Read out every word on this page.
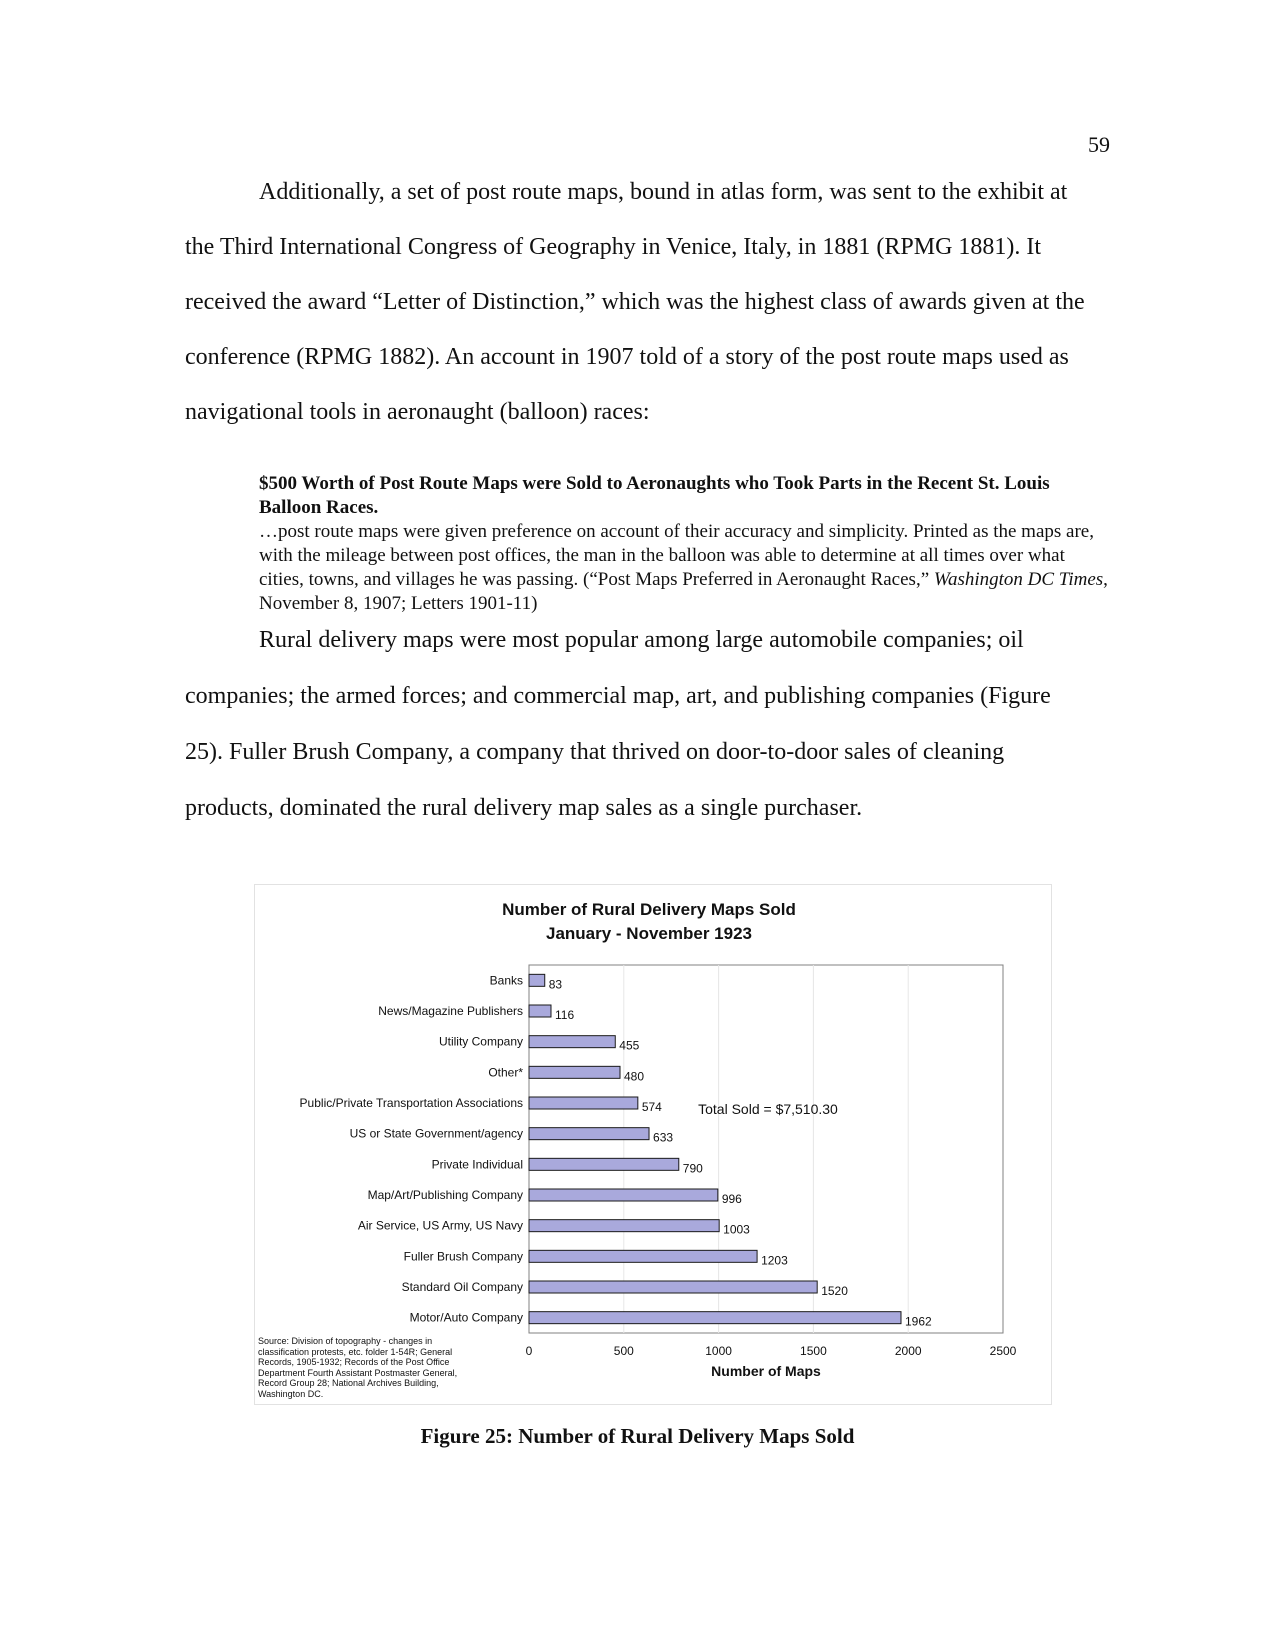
59
Additionally, a set of post route maps, bound in atlas form, was sent to the exhibit at
the Third International Congress of Geography in Venice, Italy, in 1881 (RPMG 1881). It
received the award “Letter of Distinction,” which was the highest class of awards given at the
conference (RPMG 1882). An account in 1907 told of a story of the post route maps used as
navigational tools in aeronaught (balloon) races:
$500 Worth of Post Route Maps were Sold to Aeronaughts who Took Parts in the Recent St. Louis Balloon Races.
…post route maps were given preference on account of their accuracy and simplicity. Printed as the maps are, with the mileage between post offices, the man in the balloon was able to determine at all times over what cities, towns, and villages he was passing. (“Post Maps Preferred in Aeronaught Races,” Washington DC Times, November 8, 1907; Letters 1901-11)
Rural delivery maps were most popular among large automobile companies; oil
companies; the armed forces; and commercial map, art, and publishing companies (Figure
25). Fuller Brush Company, a company that thrived on door-to-door sales of cleaning
products, dominated the rural delivery map sales as a single purchaser.
Number of Rural Delivery Maps Sold
January - November 1923
Banks
News/Magazine Publishers
Utility Company
Other*
Public/Private Transportation Associations
US or State Government/agency
Private Individual
Map/Art/Publishing Company
Air Service, US Army, US Navy
Fuller Brush Company
Standard Oil Company
Motor/Auto Company
83
116
455
480
574
633
790
996
1003
1203
1520
1962
0	500	1000	1500	2000	2500
Number of Maps
Total Sold = $7,510.30
Source: Division of topography - changes in classification protests, etc. folder 1-54R; General Records, 1905-1932; Records of the Post Office Department Fourth Assistant Postmaster General, Record Group 28; National Archives Building, Washington DC.
Figure 25: Number of Rural Delivery Maps Sold
